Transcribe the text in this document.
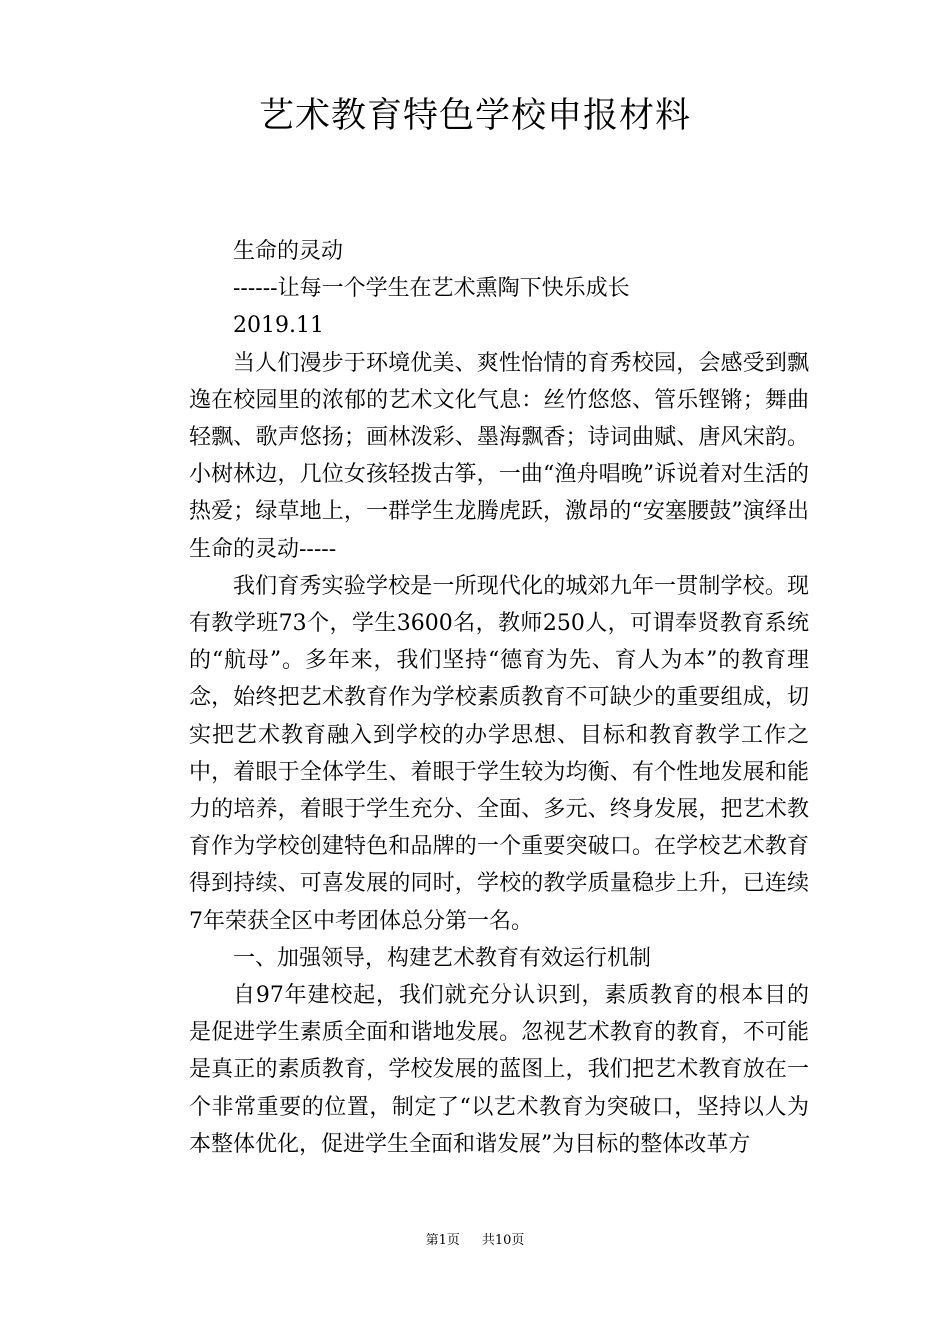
艺术教育特色学校申报材料

生命的灵动

------让每一个学生在艺术熏陶下快乐成长

2019.11

当人们漫步于环境优美、爽性怡情的育秀校园，会感受到飘逸在校园里的浓郁的艺术文化气息：丝竹悠悠、管乐铿锵；舞曲轻飘、歌声悠扬；画林泼彩、墨海飘香；诗词曲赋、唐风宋韵。小树林边，几位女孩轻拨古筝，一曲“渔舟唱晚”诉说着对生活的热爱；绿草地上，一群学生龙腾虎跃，激昂的“安塞腰鼓”演绎出生命的灵动-----

我们育秀实验学校是一所现代化的城郊九年一贯制学校。现有教学班73个，学生3600名，教师250人，可谓奉贤教育系统的“航母”。多年来，我们坚持“德育为先、育人为本”的教育理念，始终把艺术教育作为学校素质教育不可缺少的重要组成，切实把艺术教育融入到学校的办学思想、目标和教育教学工作之中，着眼于全体学生、着眼于学生较为均衡、有个性地发展和能力的培养，着眼于学生充分、全面、多元、终身发展，把艺术教育作为学校创建特色和品牌的一个重要突破口。在学校艺术教育得到持续、可喜发展的同时，学校的教学质量稳步上升，已连续7年荣获全区中考团体总分第一名。

一、加强领导，构建艺术教育有效运行机制

自97年建校起，我们就充分认识到，素质教育的根本目的是促进学生素质全面和谐地发展。忽视艺术教育的教育，不可能是真正的素质教育，学校发展的蓝图上，我们把艺术教育放在一个非常重要的位置，制定了“以艺术教育为突破口，坚持以人为本整体优化，促进学生全面和谐发展”为目标的整体改革方

第1页 共10页
